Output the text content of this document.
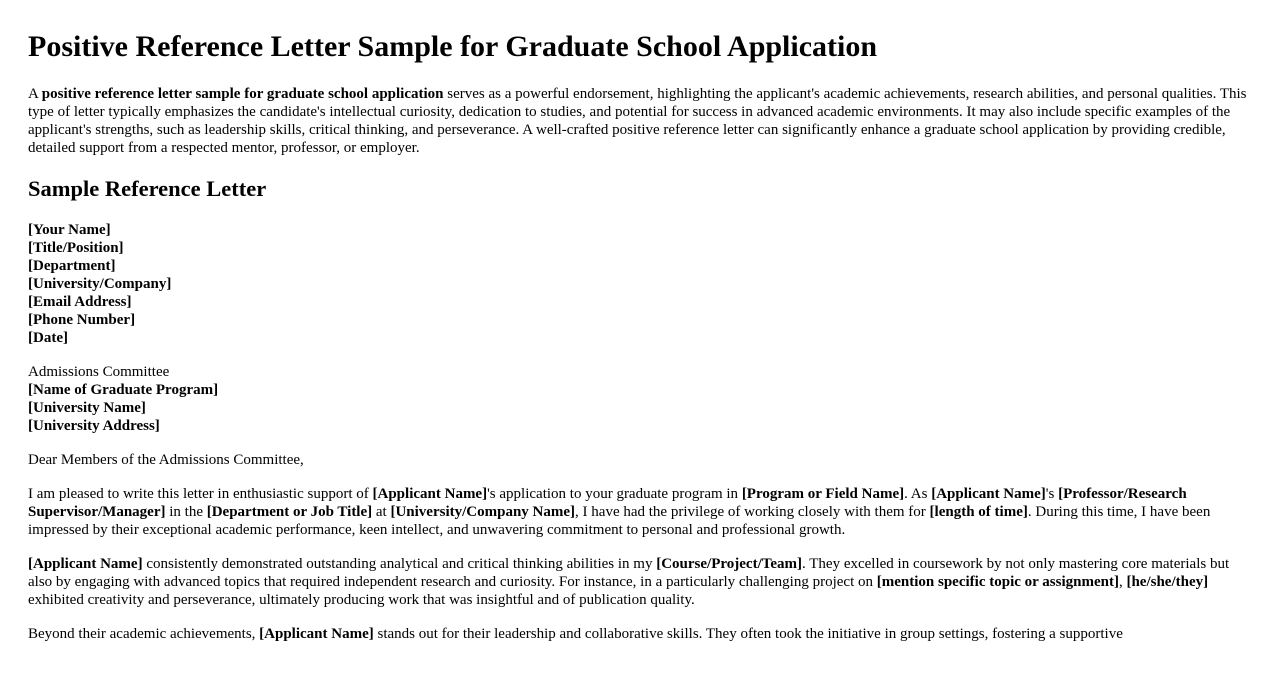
Positive Reference Letter Sample for Graduate School Application

A positive reference letter sample for graduate school application serves as a powerful endorsement, highlighting the applicant's academic achievements, research abilities, and personal qualities. This type of letter typically emphasizes the candidate's intellectual curiosity, dedication to studies, and potential for success in advanced academic environments. It may also include specific examples of the applicant's strengths, such as leadership skills, critical thinking, and perseverance. A well-crafted positive reference letter can significantly enhance a graduate school application by providing credible, detailed support from a respected mentor, professor, or employer.

Sample Reference Letter

[Your Name]
[Title/Position]
[Department]
[University/Company]
[Email Address]
[Phone Number]
[Date]

Admissions Committee
[Name of Graduate Program]
[University Name]
[University Address]

Dear Members of the Admissions Committee,

I am pleased to write this letter in enthusiastic support of [Applicant Name]'s application to your graduate program in [Program or Field Name]. As [Applicant Name]'s [Professor/Research Supervisor/Manager] in the [Department or Job Title] at [University/Company Name], I have had the privilege of working closely with them for [length of time]. During this time, I have been impressed by their exceptional academic performance, keen intellect, and unwavering commitment to personal and professional growth.

[Applicant Name] consistently demonstrated outstanding analytical and critical thinking abilities in my [Course/Project/Team]. They excelled in coursework by not only mastering core materials but also by engaging with advanced topics that required independent research and curiosity. For instance, in a particularly challenging project on [mention specific topic or assignment], [he/she/they] exhibited creativity and perseverance, ultimately producing work that was insightful and of publication quality.

Beyond their academic achievements, [Applicant Name] stands out for their leadership and collaborative skills. They often took the initiative in group settings, fostering a supportive
